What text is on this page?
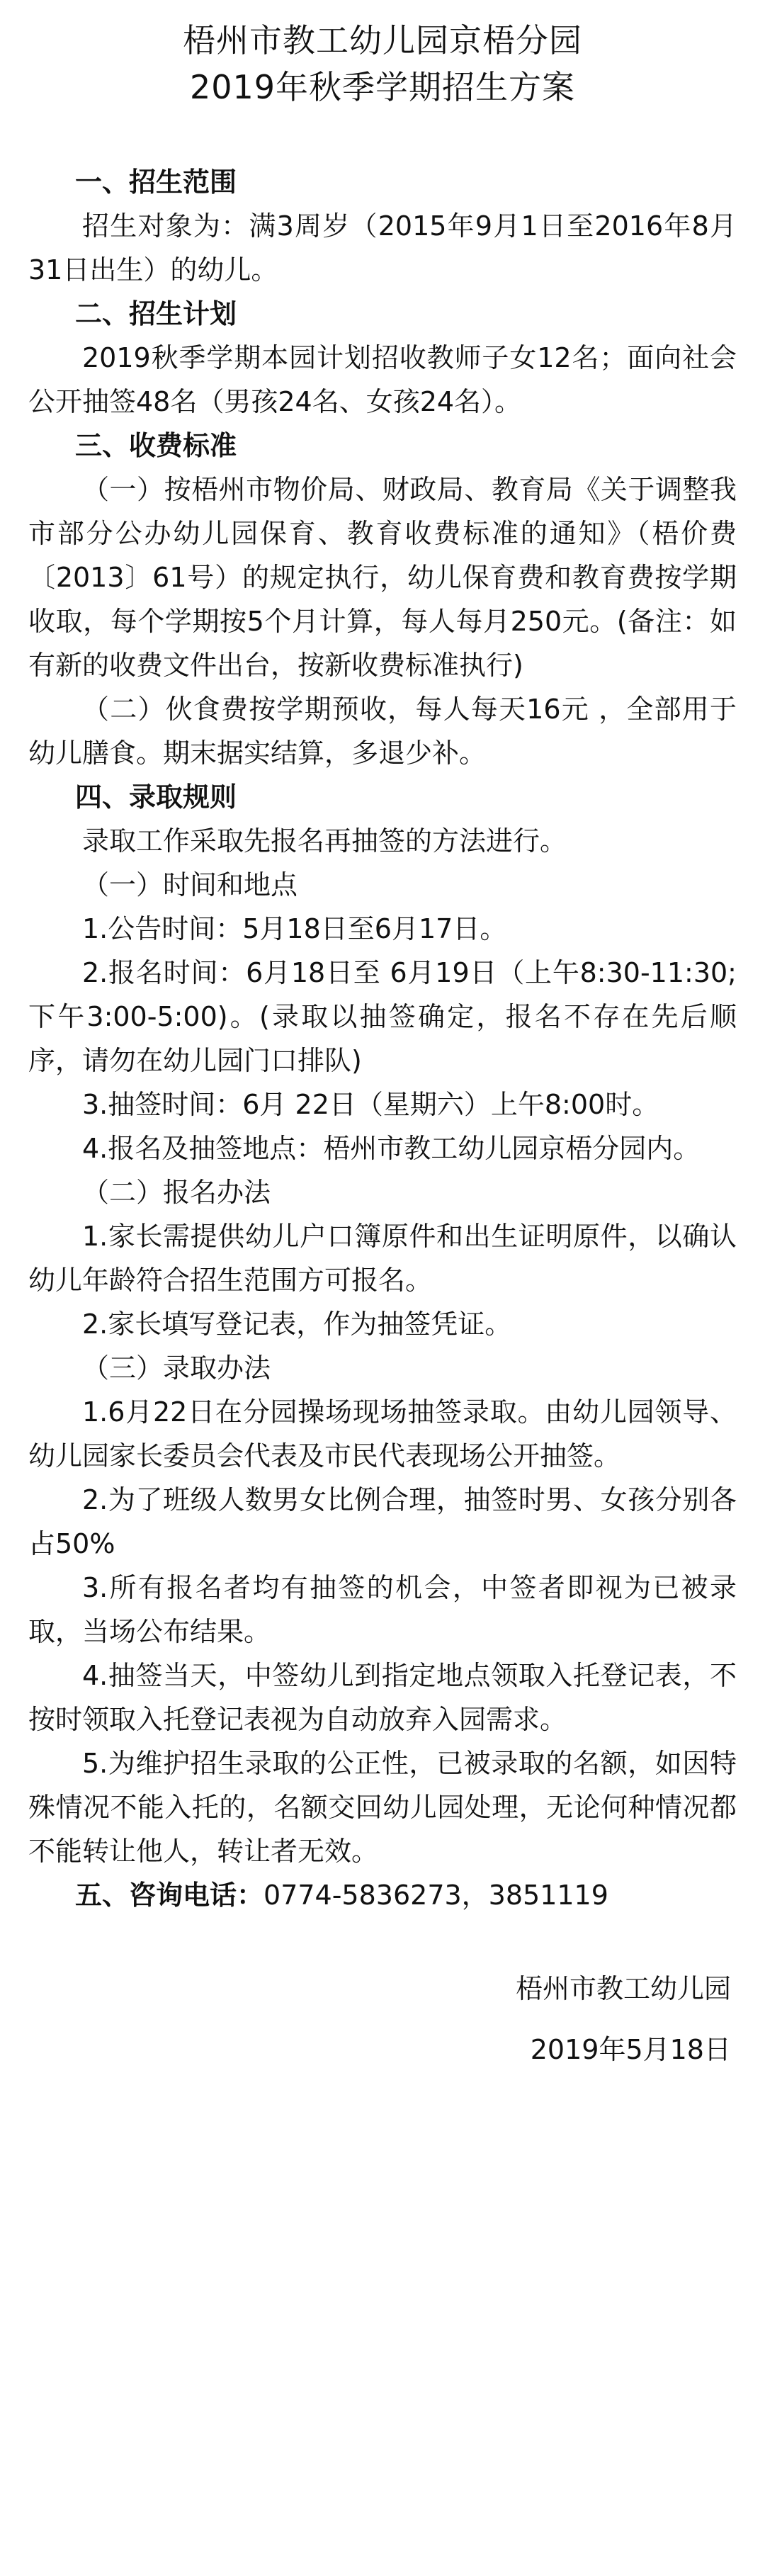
梧州市教工幼儿园京梧分园
2019年秋季学期招生方案

一、招生范围

招生对象为：满3周岁（2015年9月1日至2016年8月31日出生）的幼儿。

二、招生计划

2019秋季学期本园计划招收教师子女12名；面向社会公开抽签48名（男孩24名、女孩24名）。

三、收费标准

（一）按梧州市物价局、财政局、教育局《关于调整我市部分公办幼儿园保育、教育收费标准的通知》（梧价费〔2013〕61号）的规定执行，幼儿保育费和教育费按学期收取，每个学期按5个月计算，每人每月250元。(备注：如有新的收费文件出台，按新收费标准执行)

（二）伙食费按学期预收，每人每天16元 ，全部用于幼儿膳食。期末据实结算，多退少补。

四、录取规则

录取工作采取先报名再抽签的方法进行。

（一）时间和地点

1.公告时间：5月18日至6月17日。

2.报名时间：6月18日至 6月19日（上午8:30-11:30;下午3:00-5:00)。(录取以抽签确定，报名不存在先后顺序，请勿在幼儿园门口排队)

3.抽签时间：6月 22日（星期六）上午8:00时。

4.报名及抽签地点：梧州市教工幼儿园京梧分园内。

（二）报名办法

1.家长需提供幼儿户口簿原件和出生证明原件，以确认幼儿年龄符合招生范围方可报名。

2.家长填写登记表，作为抽签凭证。

（三）录取办法

1.6月22日在分园操场现场抽签录取。由幼儿园领导、幼儿园家长委员会代表及市民代表现场公开抽签。

2.为了班级人数男女比例合理，抽签时男、女孩分别各占50%

3.所有报名者均有抽签的机会，中签者即视为已被录取，当场公布结果。

4.抽签当天，中签幼儿到指定地点领取入托登记表，不按时领取入托登记表视为自动放弃入园需求。

5.为维护招生录取的公正性，已被录取的名额，如因特殊情况不能入托的，名额交回幼儿园处理，无论何种情况都不能转让他人，转让者无效。

五、咨询电话：0774-5836273，3851119

梧州市教工幼儿园
2019年5月18日
